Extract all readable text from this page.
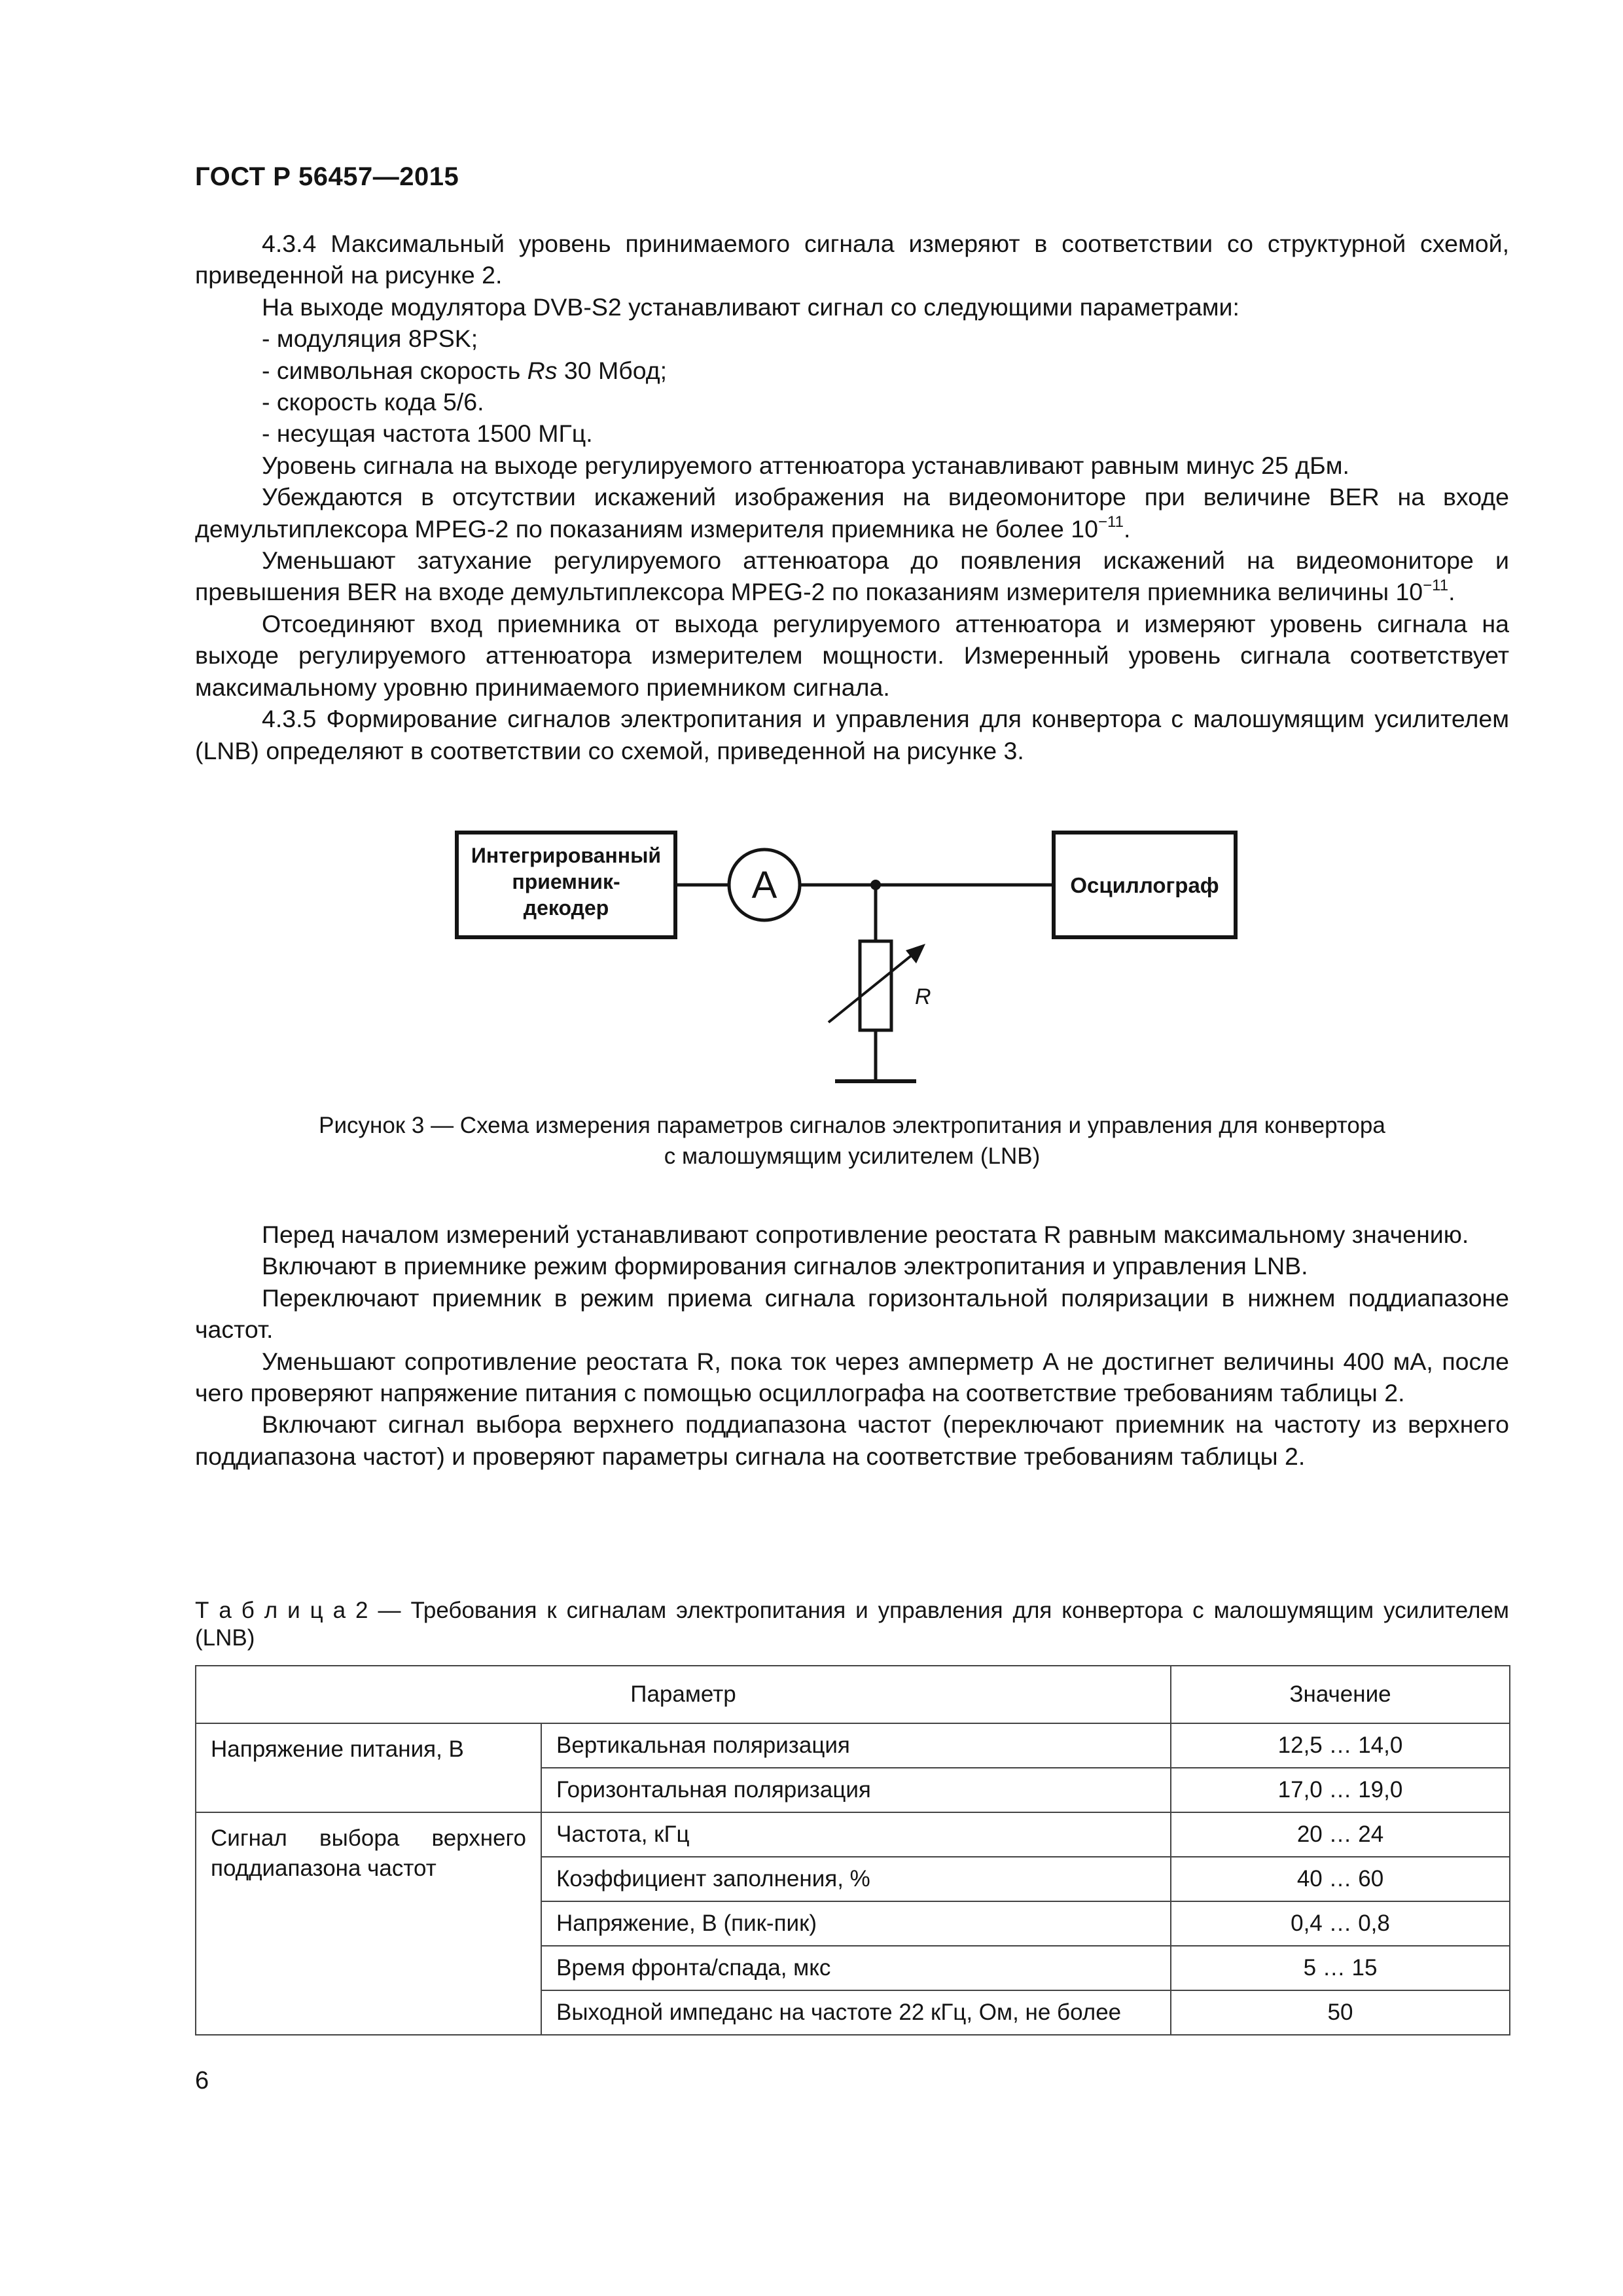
ГОСТ Р 56457—2015

4.3.4 Максимальный уровень принимаемого сигнала измеряют в соответствии со структурной схемой, приведенной на рисунке 2.

На выходе модулятора DVB-S2 устанавливают сигнал со следующими параметрами:

- модуляция 8PSK;

- символьная скорость Rs 30 Мбод;

- скорость кода 5/6.

- несущая частота 1500 МГц.

Уровень сигнала на выходе регулируемого аттенюатора устанавливают равным минус 25 дБм.

Убеждаются в отсутствии искажений изображения на видеомониторе при величине BER на входе демультиплексора MPEG-2 по показаниям измерителя приемника не более $10^{-11}$.

Уменьшают затухание регулируемого аттенюатора до появления искажений на видеомониторе и превышения BER на входе демультиплексора MPEG-2 по показаниям измерителя приемника величины $10^{-11}$.

Отсоединяют вход приемника от выхода регулируемого аттенюатора и измеряют уровень сигнала на выходе регулируемого аттенюатора измерителем мощности. Измеренный уровень сигнала соответствует максимальному уровню принимаемого приемником сигнала.

4.3.5 Формирование сигналов электропитания и управления для конвертора с малошумящим усилителем (LNB) определяют в соответствии со схемой, приведенной на рисунке 3.

Интегрированный
приемник-
декодер
Осциллограф
A
R
Рисунок 3 — Схема измерения параметров сигналов электропитания и управления для конвертора
с малошумящим усилителем (LNB)

Перед началом измерений устанавливают сопротивление реостата R равным максимальному значению.

Включают в приемнике режим формирования сигналов электропитания и управления LNB.

Переключают приемник в режим приема сигнала горизонтальной поляризации в нижнем поддиапазоне частот.

Уменьшают сопротивление реостата R, пока ток через амперметр A не достигнет величины 400 мА, после чего проверяют напряжение питания с помощью осциллографа на соответствие требованиям таблицы 2.

Включают сигнал выбора верхнего поддиапазона частот (переключают приемник на частоту из верхнего поддиапазона частот) и проверяют параметры сигнала на соответствие требованиям таблицы 2.

Т а б л и ц а 2 — Требования к сигналам электропитания и управления для конвертора с малошумящим усилителем (LNB)
Параметр		Значение
Напряжение питания, В	Вертикальная поляризация	12,5 … 14,0
	Горизонтальная поляризация	17,0 … 19,0
Сигнал выбора верхнего поддиапазона частот	Частота, кГц	20 … 24
	Коэффициент заполнения, %	40 … 60
	Напряжение, В (пик-пик)	0,4 … 0,8
	Время фронта/спада, мкс	5 … 15
	Выходной импеданс на частоте 22 кГц, Ом, не более	50
6
